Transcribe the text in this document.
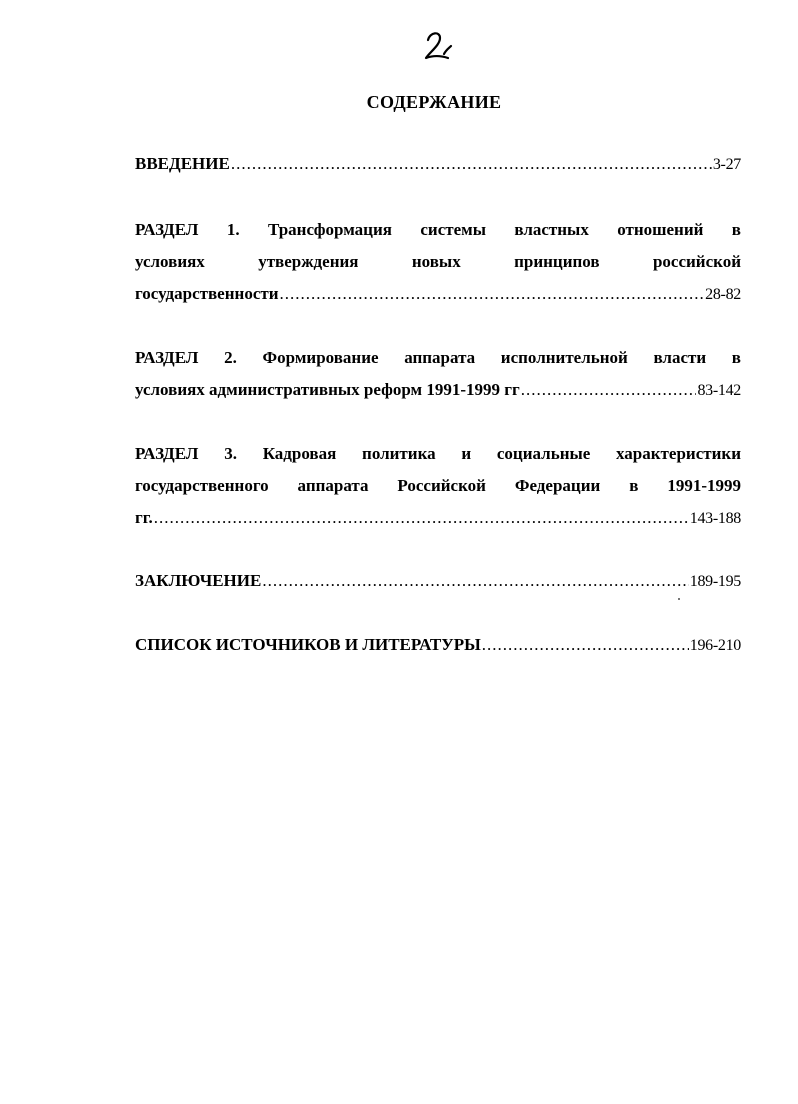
СОДЕРЖАНИЕ
ВВЕДЕНИЕ .....	3-27
РАЗДЕЛ 1. Трансформация системы властных отношений в
условиях утверждения новых принципов российской
государственности .....	28-82
РАЗДЕЛ 2. Формирование аппарата исполнительной власти в
условиях административных реформ 1991-1999 гг .....	83-142
РАЗДЕЛ 3. Кадровая политика и социальные характеристики
государственного аппарата Российской Федерации в 1991-1999
гг. .....	143-188
ЗАКЛЮЧЕНИЕ .....	189-195
СПИСОК ИСТОЧНИКОВ И ЛИТЕРАТУРЫ .....	196-210
